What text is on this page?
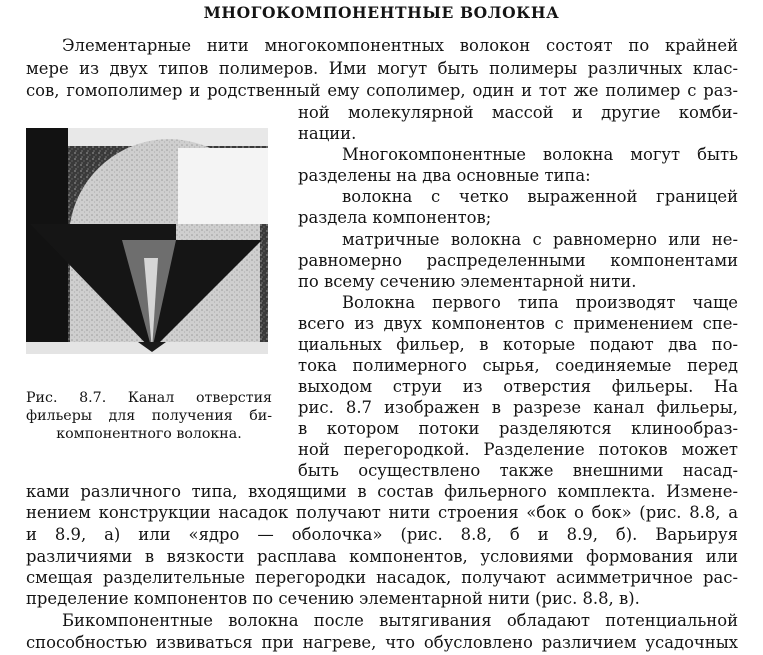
МНОГОКОМПОНЕНТНЫЕ ВОЛОКНА
Элементарные нити многокомпонентных волокон состоят по крайней
мере из двух типов полимеров. Ими могут быть полимеры различных клас-
сов, гомополимер и родственный ему сополимер, один и тот же полимер с раз-
ной молекулярной массой и другие комби-
нации.
Многокомпонентные волокна могут быть
разделены на два основные типа:
волокна с четко выраженной границей
раздела компонентов;
матричные волокна с равномерно или не-
равномерно распределенными компонентами
по всему сечению элементарной нити.
Волокна первого типа производят чаще
всего из двух компонентов с применением спе-
циальных фильер, в которые подают два по-
тока полимерного сырья, соединяемые перед
выходом струи из отверстия фильеры. На
рис. 8.7 изображен в разрезе канал фильеры,
в котором потоки разделяются клинообраз-
ной перегородкой. Разделение потоков может
быть осуществлено также внешними насад-
ками различного типа, входящими в состав фильерного комплекта. Измене-
нением конструкции насадок получают нити строения «бок о бок» (рис. 8.8, а
и 8.9, а) или «ядро — оболочка» (рис. 8.8, б и 8.9, б). Варьируя
различиями в вязкости расплава компонентов, условиями формования или
смещая разделительные перегородки насадок, получают асимметричное рас-
пределение компонентов по сечению элементарной нити (рис. 8.8, в).
Бикомпонентные волокна после вытягивания обладают потенциальной
способностью извиваться при нагреве, что обусловлено различием усадочных
Рис. 8.7. Канал отверстия
фильеры для получения би-
компонентного волокна.
